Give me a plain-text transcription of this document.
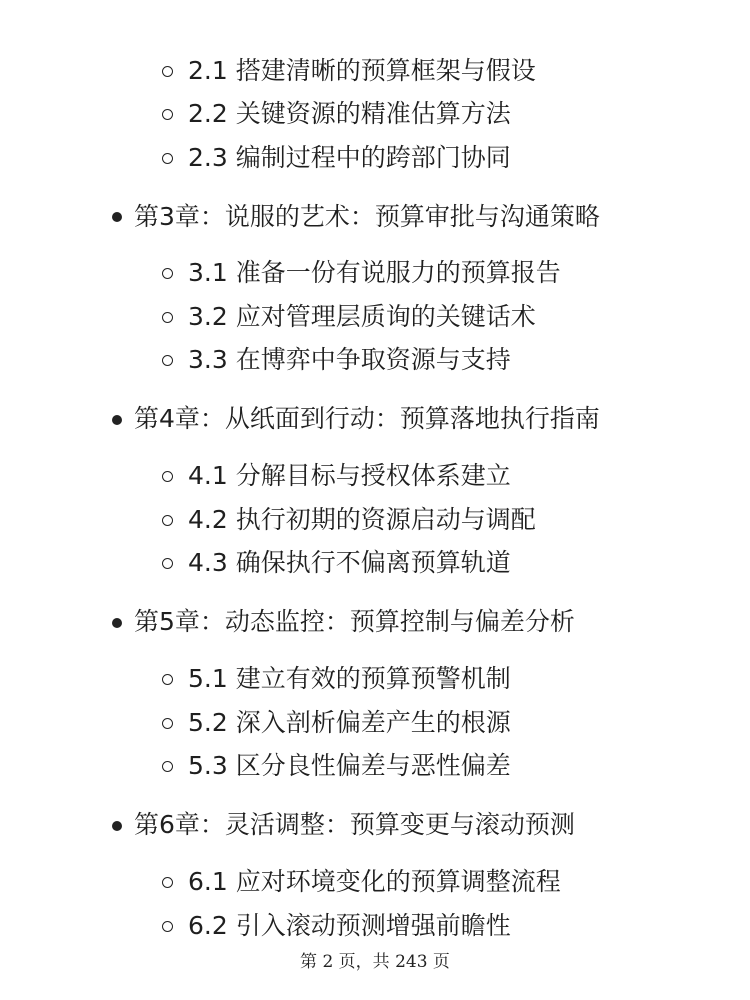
2.1 搭建清晰的预算框架与假设
2.2 关键资源的精准估算方法
2.3 编制过程中的跨部门协同
第3章：说服的艺术：预算审批与沟通策略
3.1 准备一份有说服力的预算报告
3.2 应对管理层质询的关键话术
3.3 在博弈中争取资源与支持
第4章：从纸面到行动：预算落地执行指南
4.1 分解目标与授权体系建立
4.2 执行初期的资源启动与调配
4.3 确保执行不偏离预算轨道
第5章：动态监控：预算控制与偏差分析
5.1 建立有效的预算预警机制
5.2 深入剖析偏差产生的根源
5.3 区分良性偏差与恶性偏差
第6章：灵活调整：预算变更与滚动预测
6.1 应对环境变化的预算调整流程
6.2 引入滚动预测增强前瞻性
第 2 页，共 243 页
